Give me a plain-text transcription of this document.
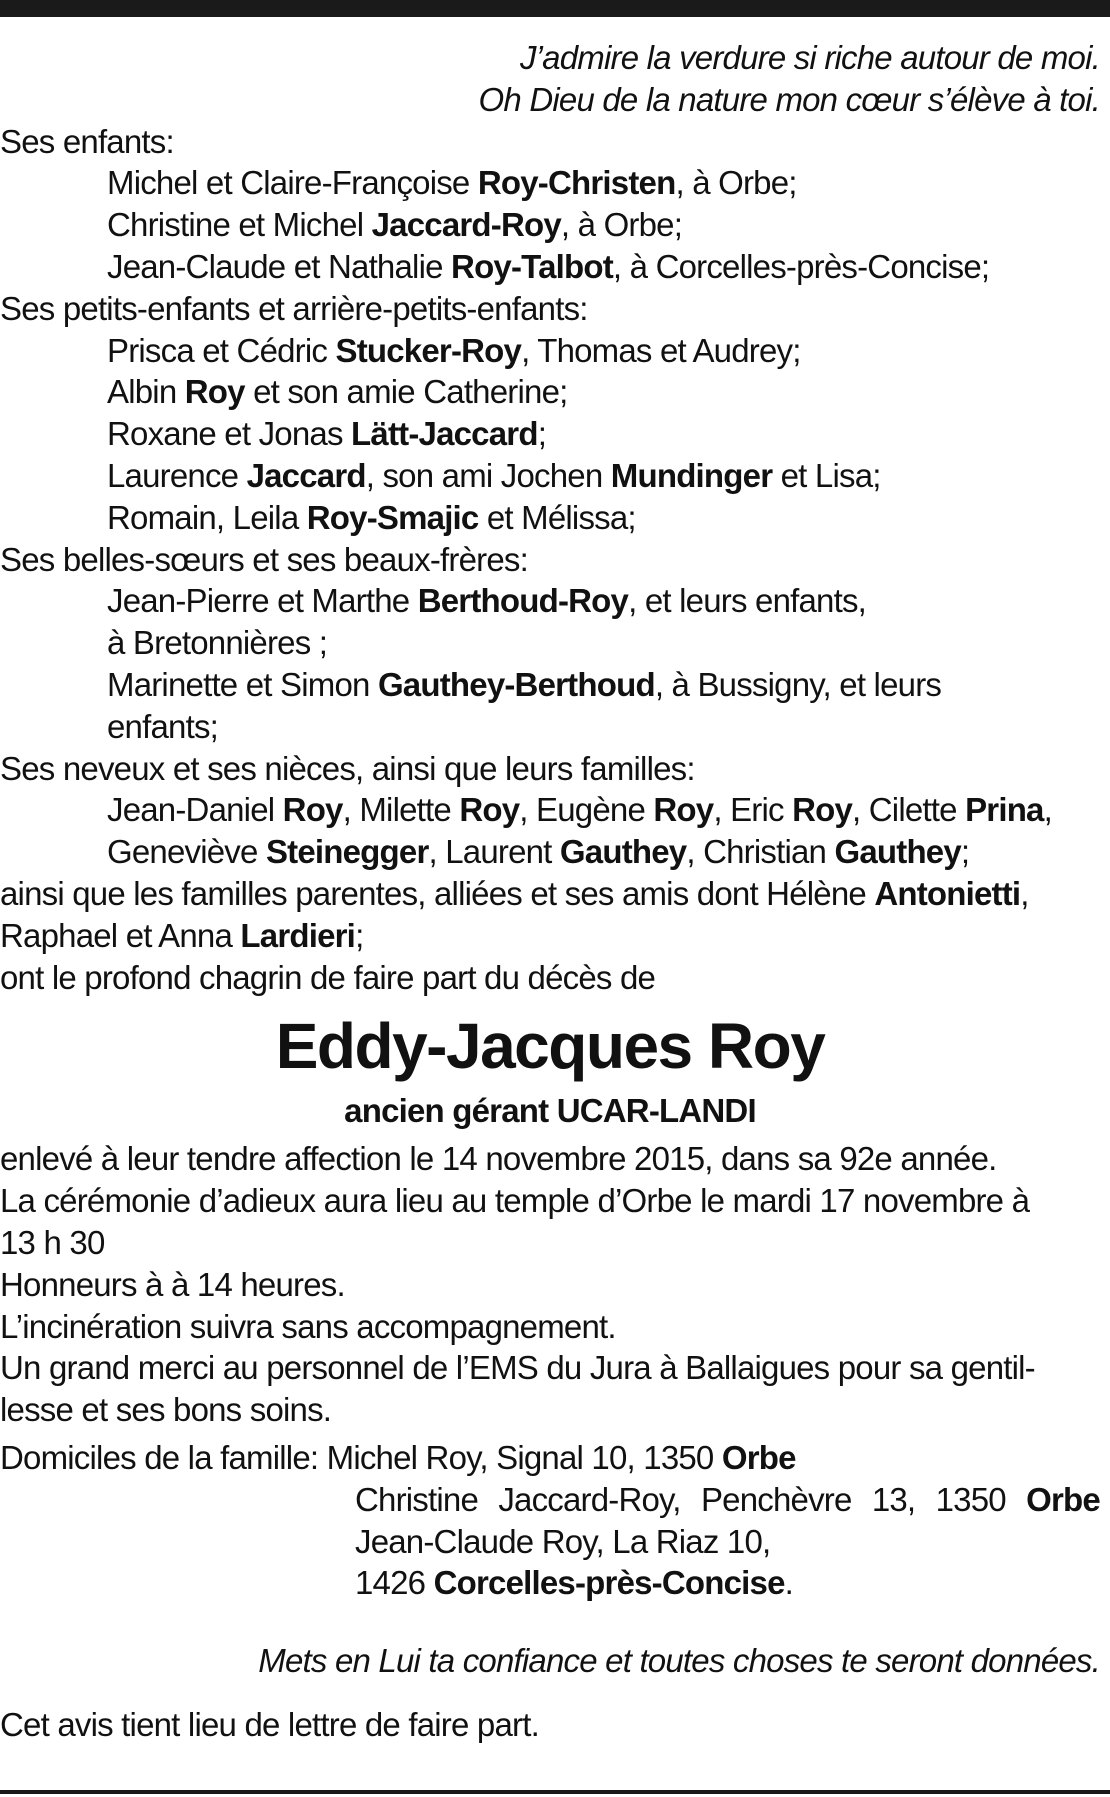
J’admire la verdure si riche autour de moi.
Oh Dieu de la nature mon cœur s’élève à toi.
Ses enfants:
Michel et Claire-Françoise Roy-Christen, à Orbe;
Christine et Michel Jaccard-Roy, à Orbe;
Jean-Claude et Nathalie Roy-Talbot, à Corcelles-près-Concise;
Ses petits-enfants et arrière-petits-enfants:
Prisca et Cédric Stucker-Roy, Thomas et Audrey;
Albin Roy et son amie Catherine;
Roxane et Jonas Lätt-Jaccard;
Laurence Jaccard, son ami Jochen Mundinger et Lisa;
Romain, Leila Roy-Smajic et Mélissa;
Ses belles-sœurs et ses beaux-frères:
Jean-Pierre et Marthe Berthoud-Roy, et leurs enfants,
à Bretonnières ;
Marinette et Simon Gauthey-Berthoud, à Bussigny, et leurs
enfants;
Ses neveux et ses nièces, ainsi que leurs familles:
Jean-Daniel Roy, Milette Roy, Eugène Roy, Eric Roy, Cilette Prina,
Geneviève Steinegger, Laurent Gauthey, Christian Gauthey;
ainsi que les familles parentes, alliées et ses amis dont Hélène Antonietti,
Raphael et Anna Lardieri;
ont le profond chagrin de faire part du décès de
Eddy-Jacques Roy
ancien gérant UCAR-LANDI
enlevé à leur tendre affection le 14 novembre 2015, dans sa 92e année.
La cérémonie d’adieux aura lieu au temple d’Orbe le mardi 17 novembre à
13 h 30
Honneurs à à 14 heures.
L’incinération suivra sans accompagnement.
Un grand merci au personnel de l’EMS du Jura à Ballaigues pour sa gentil-
lesse et ses bons soins.
Domiciles de la famille: Michel Roy, Signal 10, 1350 Orbe
Christine Jaccard-Roy, Penchèvre 13, 1350 Orbe
Jean-Claude Roy, La Riaz 10,
1426 Corcelles-près-Concise.
Mets en Lui ta confiance et toutes choses te seront données.
Cet avis tient lieu de lettre de faire part.
